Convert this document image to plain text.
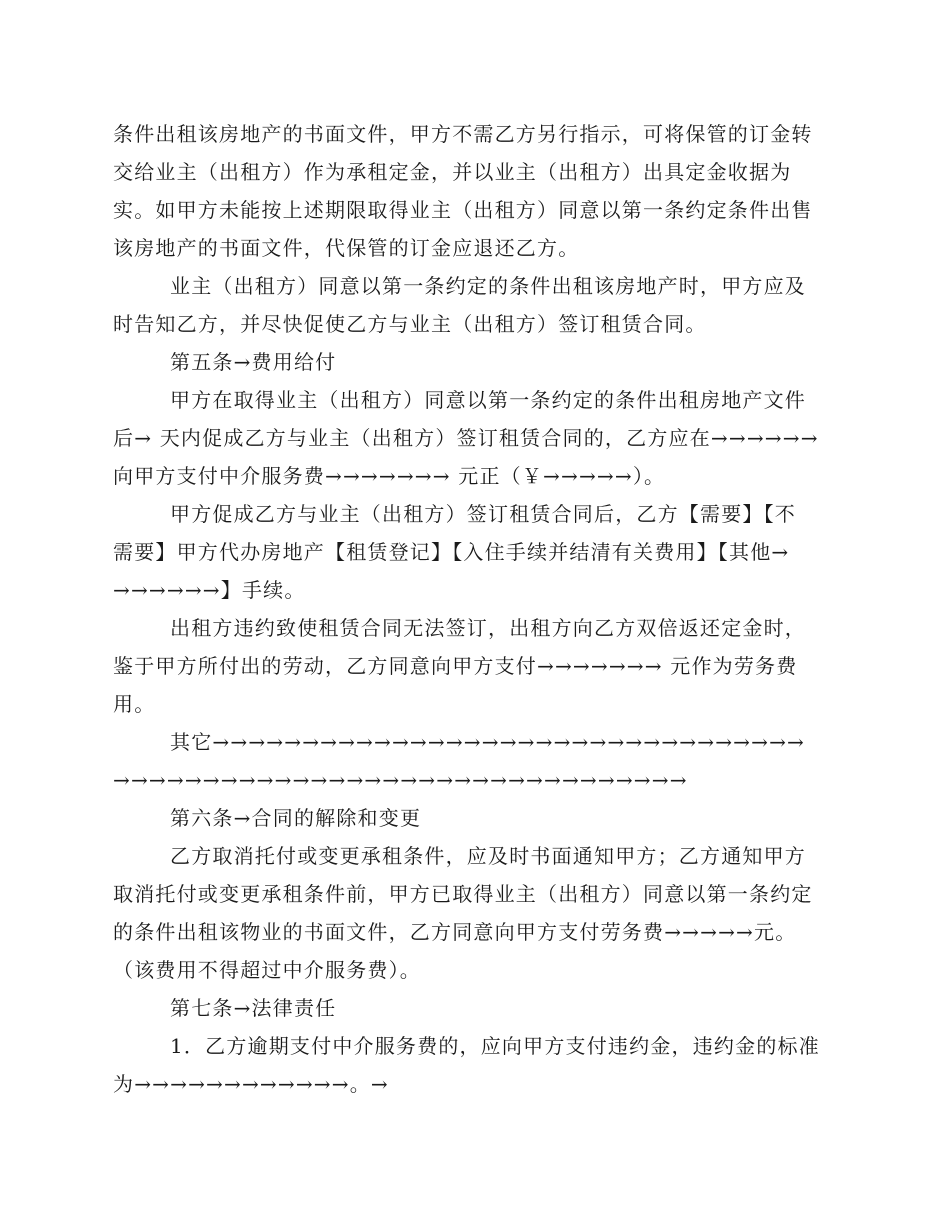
条件出租该房地产的书面文件，甲方不需乙方另行指示，可将保管的订金转
交给业主（出租方）作为承租定金，并以业主（出租方）出具定金收据为
实。如甲方未能按上述期限取得业主（出租方）同意以第一条约定条件出售
该房地产的书面文件，代保管的订金应退还乙方。
业主（出租方）同意以第一条约定的条件出租该房地产时，甲方应及
时告知乙方，并尽快促使乙方与业主（出租方）签订租赁合同。
第五条→费用给付
甲方在取得业主（出租方）同意以第一条约定的条件出租房地产文件
后→ 天内促成乙方与业主（出租方）签订租赁合同的，乙方应在→→→→→→
向甲方支付中介服务费→→→→→→→ 元正（￥→→→→→）。
甲方促成乙方与业主（出租方）签订租赁合同后，乙方【需要】【不
需要】甲方代办房地产【租赁登记】【入住手续并结清有关费用】【其他→
→→→→→→】手续。
出租方违约致使租赁合同无法签订，出租方向乙方双倍返还定金时，
鉴于甲方所付出的劳动，乙方同意向甲方支付→→→→→→→ 元作为劳务费
用。
其它→→→→→→→→→→→→→→→→→→→→→→→→→→→→→→→→→
→→→→→→→→→→→→→→→→→→→→→→→→→→→→→→→→
第六条→合同的解除和变更
乙方取消托付或变更承租条件，应及时书面通知甲方；乙方通知甲方
取消托付或变更承租条件前，甲方已取得业主（出租方）同意以第一条约定
的条件出租该物业的书面文件，乙方同意向甲方支付劳务费→→→→→元。
（该费用不得超过中介服务费）。
第七条→法律责任
1．乙方逾期支付中介服务费的，应向甲方支付违约金，违约金的标准
为→→→→→→→→→→→→。→
